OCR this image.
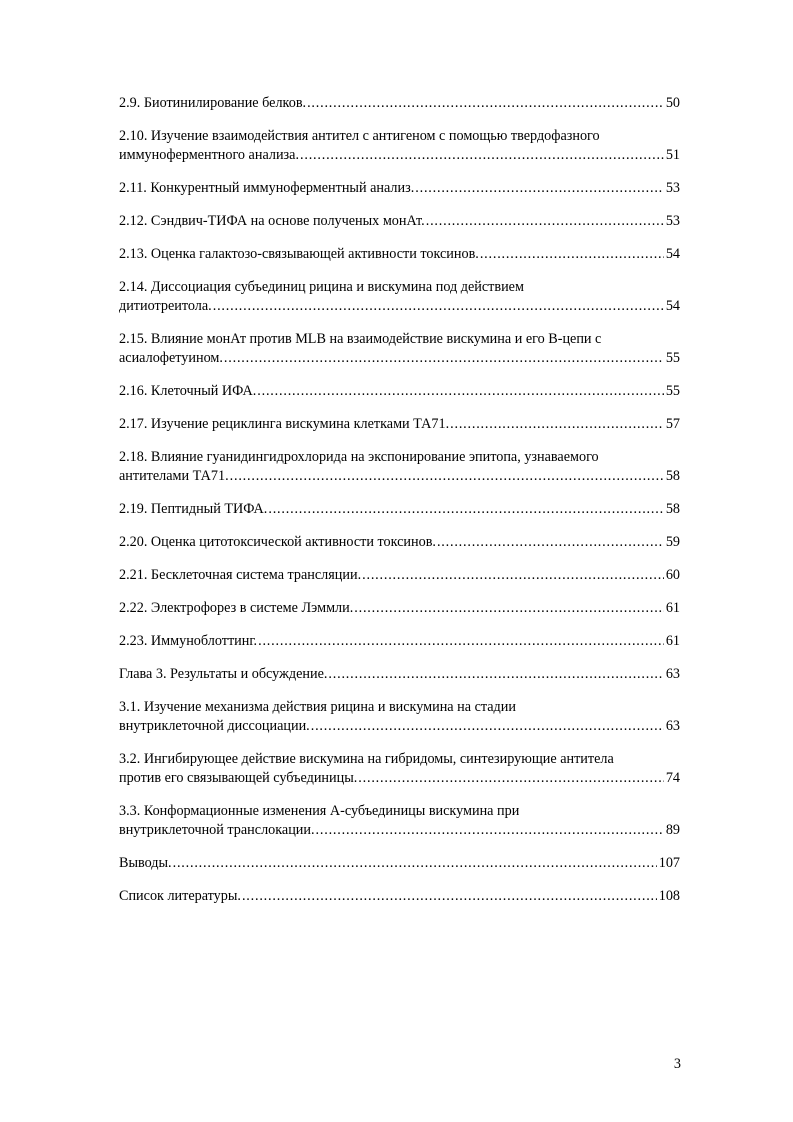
2.9. Биотинилирование белков. .....	50
2.10. Изучение взаимодействия антител с антигеном с помощью твердофазного
иммуноферментного анализа. .....	51
2.11. Конкурентный иммуноферментный анализ. .....	53
2.12. Сэндвич-ТИФА на основе полученых монАт. .....	53
2.13. Оценка галактозо-связывающей активности токсинов. .....	54
2.14. Диссоциация субъединиц рицина и вискумина под действием
дитиотреитола. .....	54
2.15. Влияние монАт против MLB на взаимодействие вискумина и его B-цепи с
асиалофетуином. .....	55
2.16. Клеточный ИФА. .....	55
2.17. Изучение рециклинга вискумина клетками ТА71. .....	57
2.18. Влияние гуанидингидрохлорида на экспонирование эпитопа, узнаваемого
антителами ТА71. .....	58
2.19. Пептидный ТИФА. .....	58
2.20. Оценка цитотоксической активности токсинов. .....	59
2.21. Бесклеточная система трансляции. .....	60
2.22. Электрофорез в системе Лэммли. .....	61
2.23. Иммуноблоттинг. .....	61
Глава 3. Результаты и обсуждение. .....	63
3.1. Изучение механизма действия рицина и вискумина на стадии
внутриклеточной диссоциации. .....	63
3.2. Ингибирующее действие вискумина на гибридомы, синтезирующие антитела
против его связывающей субъединицы. .....	74
3.3. Конформационные изменения А-субъединицы вискумина при
внутриклеточной транслокации. .....	89
Выводы. .....	107
Список литературы. .....	108
3
